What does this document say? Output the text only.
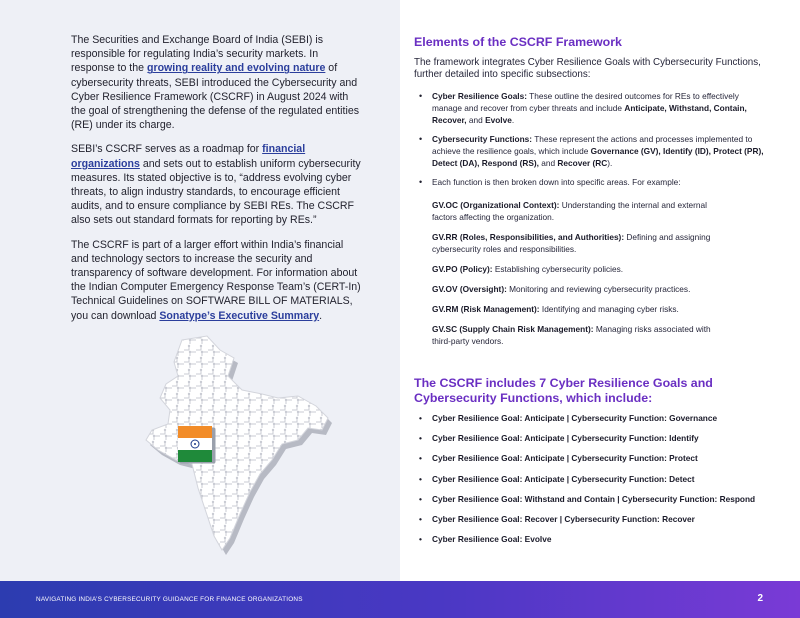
The Securities and Exchange Board of India (SEBI) is responsible for regulating India’s security markets. In response to the growing reality and evolving nature of cybersecurity threats, SEBI introduced the Cybersecurity and Cyber Resilience Framework (CSCRF) in August 2024 with the goal of strengthening the defense of the regulated entities (RE) under its charge.

SEBI’s CSCRF serves as a roadmap for financial organizations and sets out to establish uniform cybersecurity measures. Its stated objective is to, “address evolving cyber threats, to align industry standards, to encourage efficient audits, and to ensure compliance by SEBI REs. The CSCRF also sets out standard formats for reporting by REs.”

The CSCRF is part of a larger effort within India’s financial and technology sectors to increase the security and transparency of software development. For information about the Indian Computer Emergency Response Team’s (CERT-In) Technical Guidelines on SOFTWARE BILL OF MATERIALS, you can download Sonatype’s Executive Summary.

Elements of the CSCRF Framework
The framework integrates Cyber Resilience Goals with Cybersecurity Functions, further detailed into specific subsections:
• Cyber Resilience Goals: These outline the desired outcomes for REs to effectively manage and recover from cyber threats and include Anticipate, Withstand, Contain, Recover, and Evolve.
• Cybersecurity Functions: These represent the actions and processes implemented to achieve the resilience goals, which include Governance (GV), Identify (ID), Protect (PR), Detect (DA), Respond (RS), and Recover (RC).
• Each function is then broken down into specific areas. For example:
GV.OC (Organizational Context): Understanding the internal and external factors affecting the organization.
GV.RR (Roles, Responsibilities, and Authorities): Defining and assigning cybersecurity roles and responsibilities.
GV.PO (Policy): Establishing cybersecurity policies.
GV.OV (Oversight): Monitoring and reviewing cybersecurity practices.
GV.RM (Risk Management): Identifying and managing cyber risks.
GV.SC (Supply Chain Risk Management): Managing risks associated with third-party vendors.
The CSCRF includes 7 Cyber Resilience Goals and Cybersecurity Functions, which include:
• Cyber Resilience Goal: Anticipate | Cybersecurity Function: Governance
• Cyber Resilience Goal: Anticipate | Cybersecurity Function: Identify
• Cyber Resilience Goal: Anticipate | Cybersecurity Function: Protect
• Cyber Resilience Goal: Anticipate | Cybersecurity Function: Detect
• Cyber Resilience Goal: Withstand and Contain | Cybersecurity Function: Respond
• Cyber Resilience Goal: Recover | Cybersecurity Function: Recover
• Cyber Resilience Goal: Evolve
NAVIGATING INDIA’S CYBERSECURITY GUIDANCE FOR FINANCE ORGANIZATIONS	2
